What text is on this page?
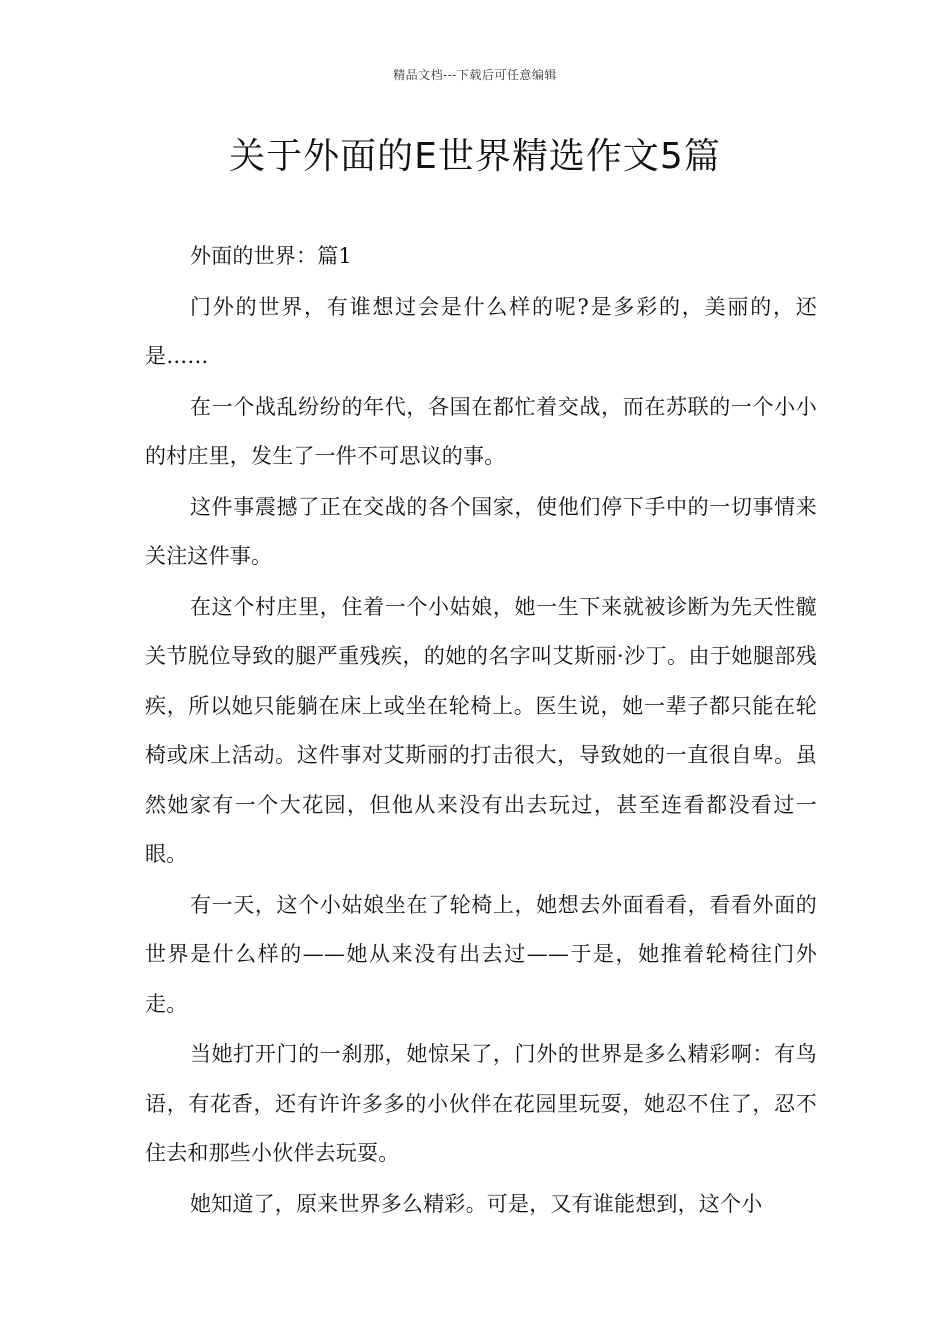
精品文档---下载后可任意编辑
关于外面的E世界精选作文5篇

外面的世界：篇1

门外的世界，有谁想过会是什么样的呢?是多彩的，美丽的，还是……

在一个战乱纷纷的年代，各国在都忙着交战，而在苏联的一个小小的村庄里，发生了一件不可思议的事。

这件事震撼了正在交战的各个国家，使他们停下手中的一切事情来关注这件事。

在这个村庄里，住着一个小姑娘，她一生下来就被诊断为先天性髋关节脱位导致的腿严重残疾，的她的名字叫艾斯丽·沙丁。由于她腿部残疾，所以她只能躺在床上或坐在轮椅上。医生说，她一辈子都只能在轮椅或床上活动。这件事对艾斯丽的打击很大，导致她的一直很自卑。虽然她家有一个大花园，但他从来没有出去玩过，甚至连看都没看过一眼。

有一天，这个小姑娘坐在了轮椅上，她想去外面看看，看看外面的世界是什么样的——她从来没有出去过——于是，她推着轮椅往门外走。

当她打开门的一刹那，她惊呆了，门外的世界是多么精彩啊：有鸟语，有花香，还有许许多多的小伙伴在花园里玩耍，她忍不住了，忍不住去和那些小伙伴去玩耍。

她知道了，原来世界多么精彩。可是，又有谁能想到，这个小
